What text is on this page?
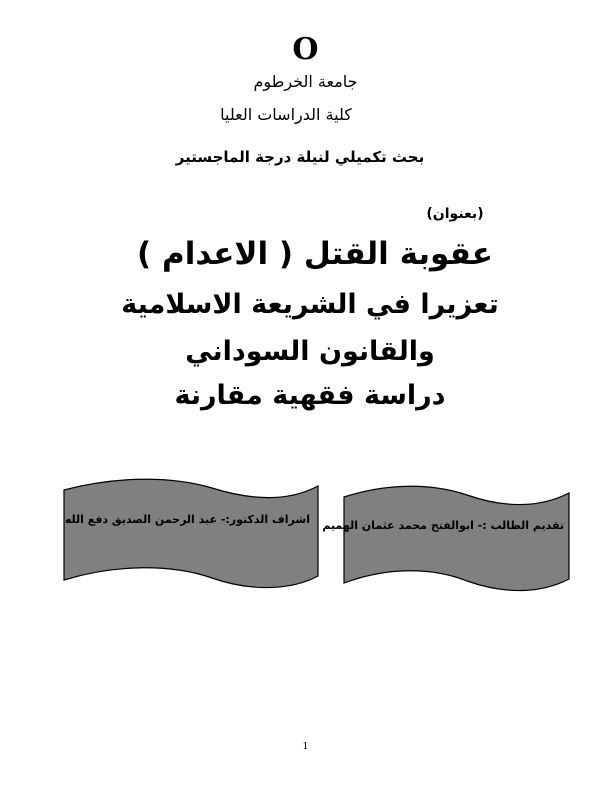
O
جامعة الخرطوم
كلية الدراسات العليا
بحث تكميلي لنيلة درجة الماجستير
(بعنوان)
عقوبة القتل ( الاعدام )
تعزيرا في الشريعة الاسلامية
والقانون السوداني
دراسة فقهية مقارنة
اشراف الدكتور:- عبد الرحمن الصديق دفع الله تقديم الطالب :- ابوالفتح محمد عثمان الهميم
1
